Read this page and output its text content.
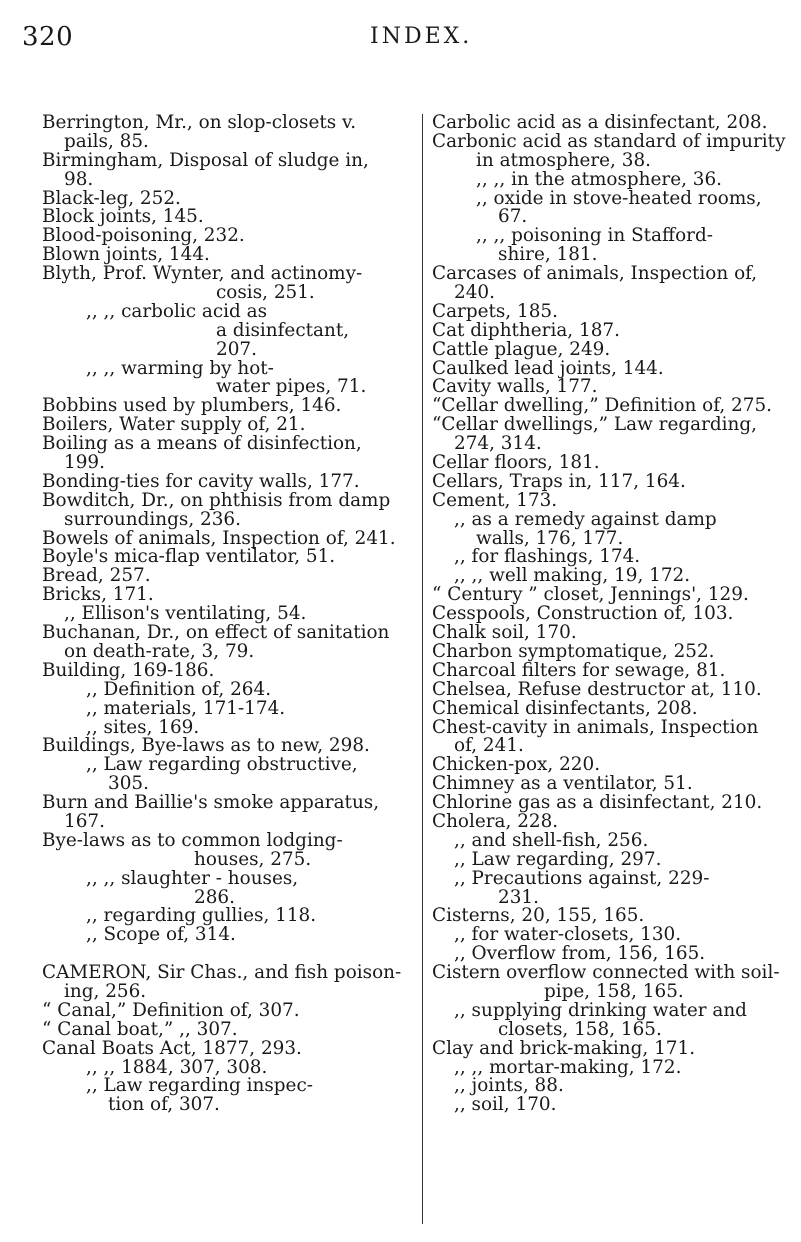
320	INDEX.
Berrington, Mr., on slop-closets v.
pails, 85.
Birmingham, Disposal of sludge in,
98.
Black-leg, 252.
Block joints, 145.
Blood-poisoning, 232.
Blown joints, 144.
Blyth, Prof. Wynter, and actinomy-
cosis, 251.
,, ,, carbolic acid as
a disinfectant,
207.
,, ,, warming by hot-
water pipes, 71.
Bobbins used by plumbers, 146.
Boilers, Water supply of, 21.
Boiling as a means of disinfection,
199.
Bonding-ties for cavity walls, 177.
Bowditch, Dr., on phthisis from damp
surroundings, 236.
Bowels of animals, Inspection of, 241.
Boyle's mica-flap ventilator, 51.
Bread, 257.
Bricks, 171.
,, Ellison's ventilating, 54.
Buchanan, Dr., on effect of sanitation
on death-rate, 3, 79.
Building, 169-186.
,, Definition of, 264.
,, materials, 171-174.
,, sites, 169.
Buildings, Bye-laws as to new, 298.
,, Law regarding obstructive,
305.
Burn and Baillie's smoke apparatus,
167.
Bye-laws as to common lodging-
houses, 275.
,, ,, slaughter - houses,
286.
,, regarding gullies, 118.
,, Scope of, 314.
CAMERON, Sir Chas., and fish poison-
ing, 256.
“ Canal,” Definition of, 307.
“ Canal boat,” ,, 307.
Canal Boats Act, 1877, 293.
,, ,, 1884, 307, 308.
,, Law regarding inspec-
tion of, 307.
Carbolic acid as a disinfectant, 208.
Carbonic acid as standard of impurity
in atmosphere, 38.
,, ,, in the atmosphere, 36.
,, oxide in stove-heated rooms,
67.
,, ,, poisoning in Stafford-
shire, 181.
Carcases of animals, Inspection of,
240.
Carpets, 185.
Cat diphtheria, 187.
Cattle plague, 249.
Caulked lead joints, 144.
Cavity walls, 177.
“Cellar dwelling,” Definition of, 275.
“Cellar dwellings,” Law regarding,
274, 314.
Cellar floors, 181.
Cellars, Traps in, 117, 164.
Cement, 173.
,, as a remedy against damp
walls, 176, 177.
,, for flashings, 174.
,, ,, well making, 19, 172.
“ Century ” closet, Jennings', 129.
Cesspools, Construction of, 103.
Chalk soil, 170.
Charbon symptomatique, 252.
Charcoal filters for sewage, 81.
Chelsea, Refuse destructor at, 110.
Chemical disinfectants, 208.
Chest-cavity in animals, Inspection
of, 241.
Chicken-pox, 220.
Chimney as a ventilator, 51.
Chlorine gas as a disinfectant, 210.
Cholera, 228.
,, and shell-fish, 256.
,, Law regarding, 297.
,, Precautions against, 229-
231.
Cisterns, 20, 155, 165.
,, for water-closets, 130.
,, Overflow from, 156, 165.
Cistern overflow connected with soil-
pipe, 158, 165.
,, supplying drinking water and
closets, 158, 165.
Clay and brick-making, 171.
,, ,, mortar-making, 172.
,, joints, 88.
,, soil, 170.
